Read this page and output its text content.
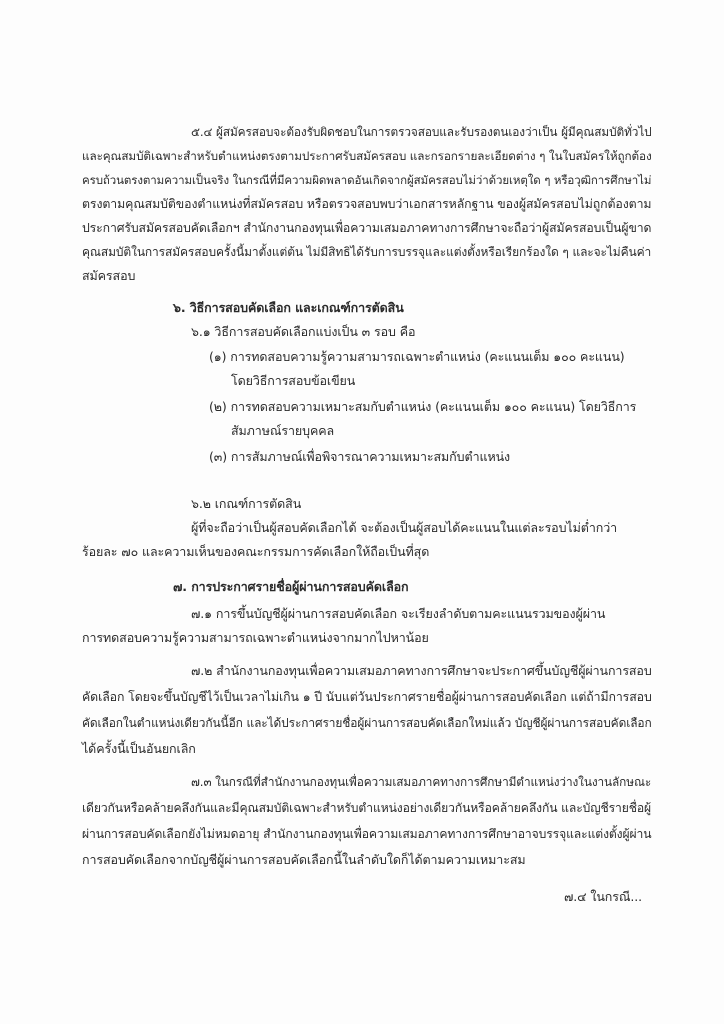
๕.๔ ผู้สมัครสอบจะต้องรับผิดชอบในการตรวจสอบและรับรองตนเองว่าเป็น ผู้มีคุณสมบัติทั่วไป
และคุณสมบัติเฉพาะสำหรับตำแหน่งตรงตามประกาศรับสมัครสอบ และกรอกรายละเอียดต่าง ๆ ในใบสมัครให้ถูกต้อง
ครบถ้วนตรงตามความเป็นจริง ในกรณีที่มีความผิดพลาดอันเกิดจากผู้สมัครสอบไม่ว่าด้วยเหตุใด ๆ หรือวุฒิการศึกษาไม่
ตรงตามคุณสมบัติของตำแหน่งที่สมัครสอบ หรือตรวจสอบพบว่าเอกสารหลักฐาน ของผู้สมัครสอบไม่ถูกต้องตาม
ประกาศรับสมัครสอบคัดเลือกฯ สำนักงานกองทุนเพื่อความเสมอภาคทางการศึกษาจะถือว่าผู้สมัครสอบเป็นผู้ขาด
คุณสมบัติในการสมัครสอบครั้งนี้มาตั้งแต่ต้น ไม่มีสิทธิได้รับการบรรจุและแต่งตั้งหรือเรียกร้องใด ๆ และจะไม่คืนค่า
สมัครสอบ
๖. วิธีการสอบคัดเลือก และเกณฑ์การตัดสิน
๖.๑ วิธีการสอบคัดเลือกแบ่งเป็น ๓ รอบ คือ
(๑) การทดสอบความรู้ความสามารถเฉพาะตำแหน่ง (คะแนนเต็ม ๑๐๐ คะแนน)
โดยวิธีการสอบข้อเขียน
(๒) การทดสอบความเหมาะสมกับตำแหน่ง (คะแนนเต็ม ๑๐๐ คะแนน) โดยวิธีการ
สัมภาษณ์รายบุคคล
(๓) การสัมภาษณ์เพื่อพิจารณาความเหมาะสมกับตำแหน่ง
๖.๒ เกณฑ์การตัดสิน
ผู้ที่จะถือว่าเป็นผู้สอบคัดเลือกได้ จะต้องเป็นผู้สอบได้คะแนนในแต่ละรอบไม่ต่ำกว่า
ร้อยละ ๗๐ และความเห็นของคณะกรรมการคัดเลือกให้ถือเป็นที่สุด
๗. การประกาศรายชื่อผู้ผ่านการสอบคัดเลือก
๗.๑ การขึ้นบัญชีผู้ผ่านการสอบคัดเลือก จะเรียงลำดับตามคะแนนรวมของผู้ผ่าน
การทดสอบความรู้ความสามารถเฉพาะตำแหน่งจากมากไปหาน้อย
๗.๒ สำนักงานกองทุนเพื่อความเสมอภาคทางการศึกษาจะประกาศขึ้นบัญชีผู้ผ่านการสอบ
คัดเลือก โดยจะขึ้นบัญชีไว้เป็นเวลาไม่เกิน ๑ ปี นับแต่วันประกาศรายชื่อผู้ผ่านการสอบคัดเลือก แต่ถ้ามีการสอบ
คัดเลือกในตำแหน่งเดียวกันนี้อีก และได้ประกาศรายชื่อผู้ผ่านการสอบคัดเลือกใหม่แล้ว บัญชีผู้ผ่านการสอบคัดเลือก
ได้ครั้งนี้เป็นอันยกเลิก
๗.๓ ในกรณีที่สำนักงานกองทุนเพื่อความเสมอภาคทางการศึกษามีตำแหน่งว่างในงานลักษณะ
เดียวกันหรือคล้ายคลึงกันและมีคุณสมบัติเฉพาะสำหรับตำแหน่งอย่างเดียวกันหรือคล้ายคลึงกัน และบัญชีรายชื่อผู้
ผ่านการสอบคัดเลือกยังไม่หมดอายุ สำนักงานกองทุนเพื่อความเสมอภาคทางการศึกษาอาจบรรจุและแต่งตั้งผู้ผ่าน
การสอบคัดเลือกจากบัญชีผู้ผ่านการสอบคัดเลือกนี้ในลำดับใดก็ได้ตามความเหมาะสม
๗.๔ ในกรณี...
